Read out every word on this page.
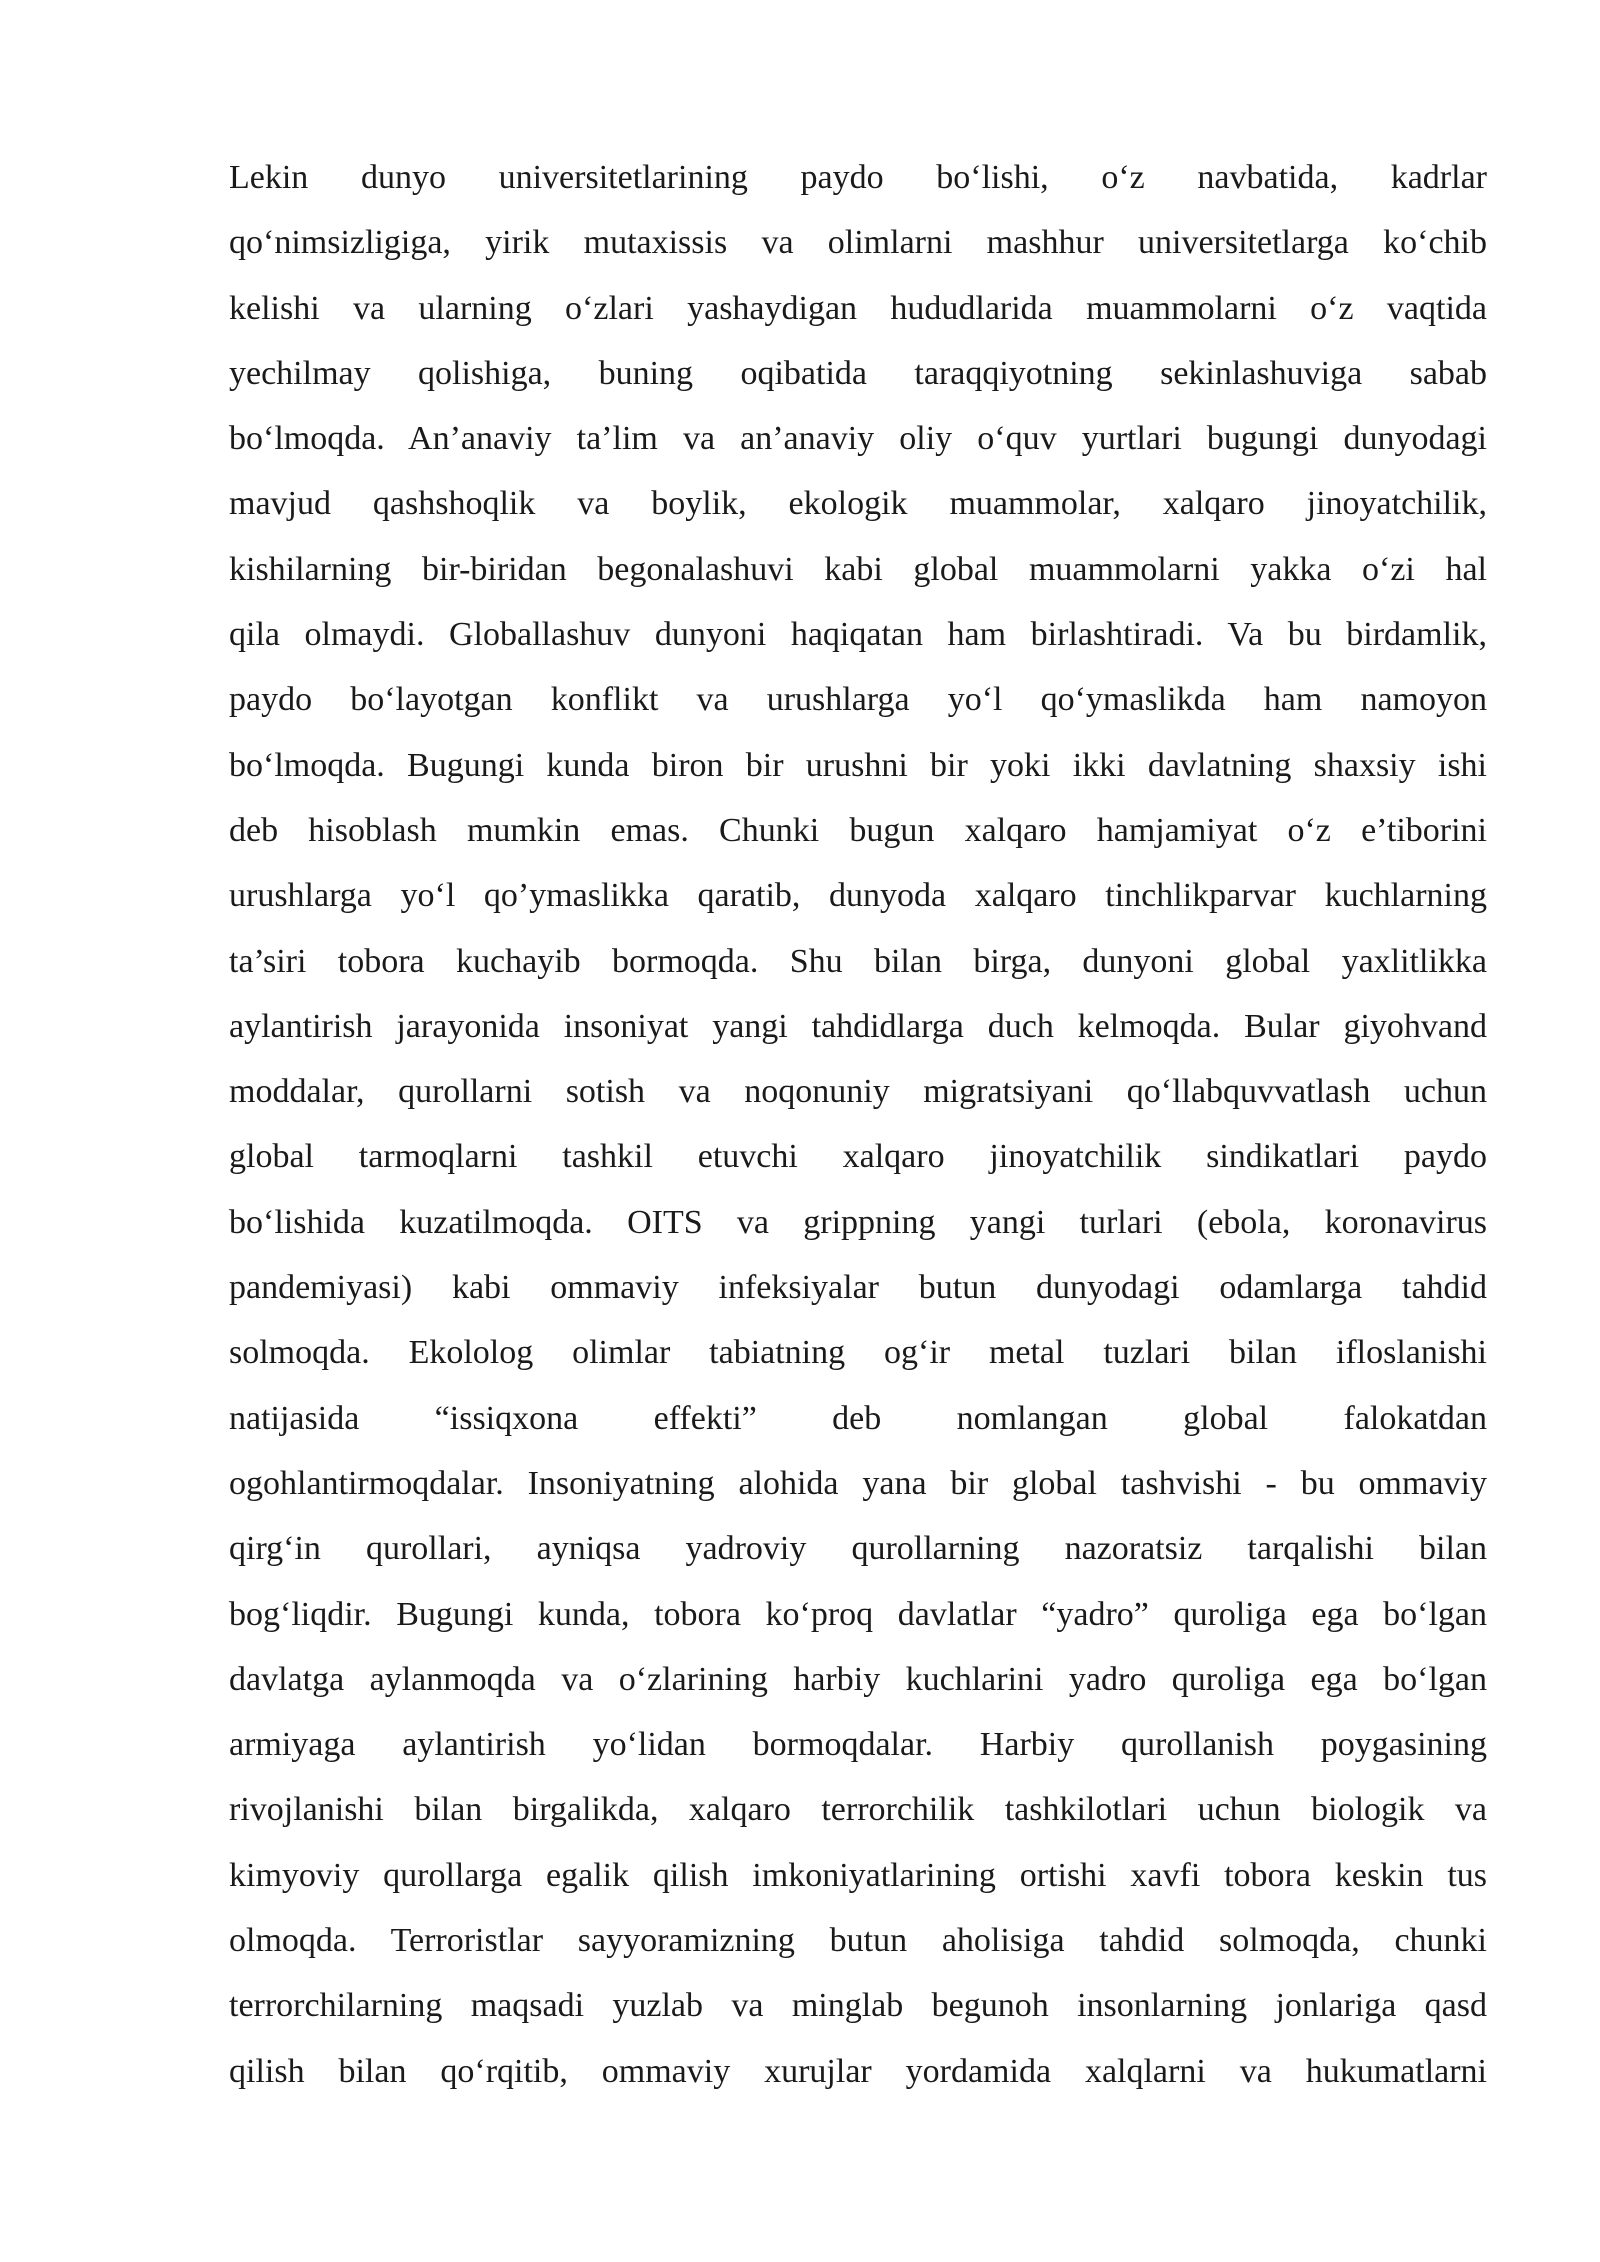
Lekin dunyo universitetlarining paydo bo‘lishi, o‘z navbatida, kadrlar
qo‘nimsizligiga, yirik mutaxissis va olimlarni mashhur universitetlarga ko‘chib
kelishi va ularning o‘zlari yashaydigan hududlarida muammolarni o‘z vaqtida
yechilmay qolishiga, buning oqibatida taraqqiyotning sekinlashuviga sabab
bo‘lmoqda. An’anaviy ta’lim va an’anaviy oliy o‘quv yurtlari bugungi dunyodagi
mavjud qashshoqlik va boylik, ekologik muammolar, xalqaro jinoyatchilik,
kishilarning bir-biridan begonalashuvi kabi global muammolarni yakka o‘zi hal
qila olmaydi. Globallashuv dunyoni haqiqatan ham birlashtiradi. Va bu birdamlik,
paydo bo‘layotgan konflikt va urushlarga yo‘l qo‘ymaslikda ham namoyon
bo‘lmoqda. Bugungi kunda biron bir urushni bir yoki ikki davlatning shaxsiy ishi
deb hisoblash mumkin emas. Chunki bugun xalqaro hamjamiyat o‘z e’tiborini
urushlarga yo‘l qo’ymaslikka qaratib, dunyoda xalqaro tinchlikparvar kuchlarning
ta’siri tobora kuchayib bormoqda. Shu bilan birga, dunyoni global yaxlitlikka
aylantirish jarayonida insoniyat yangi tahdidlarga duch kelmoqda. Bular giyohvand
moddalar, qurollarni sotish va noqonuniy migratsiyani qo‘llabquvvatlash uchun
global tarmoqlarni tashkil etuvchi xalqaro jinoyatchilik sindikatlari paydo
bo‘lishida kuzatilmoqda. OITS va grippning yangi turlari (ebola, koronavirus
pandemiyasi) kabi ommaviy infeksiyalar butun dunyodagi odamlarga tahdid
solmoqda. Ekololog olimlar tabiatning og‘ir metal tuzlari bilan ifloslanishi
natijasida “issiqxona effekti” deb nomlangan global falokatdan
ogohlantirmoqdalar. Insoniyatning alohida yana bir global tashvishi - bu ommaviy
qirg‘in qurollari, ayniqsa yadroviy qurollarning nazoratsiz tarqalishi bilan
bog‘liqdir. Bugungi kunda, tobora ko‘proq davlatlar “yadro” quroliga ega bo‘lgan
davlatga aylanmoqda va o‘zlarining harbiy kuchlarini yadro quroliga ega bo‘lgan
armiyaga aylantirish yo‘lidan bormoqdalar. Harbiy qurollanish poygasining
rivojlanishi bilan birgalikda, xalqaro terrorchilik tashkilotlari uchun biologik va
kimyoviy qurollarga egalik qilish imkoniyatlarining ortishi xavfi tobora keskin tus
olmoqda. Terroristlar sayyoramizning butun aholisiga tahdid solmoqda, chunki
terrorchilarning maqsadi yuzlab va minglab begunoh insonlarning jonlariga qasd
qilish bilan qo‘rqitib, ommaviy xurujlar yordamida xalqlarni va hukumatlarni
